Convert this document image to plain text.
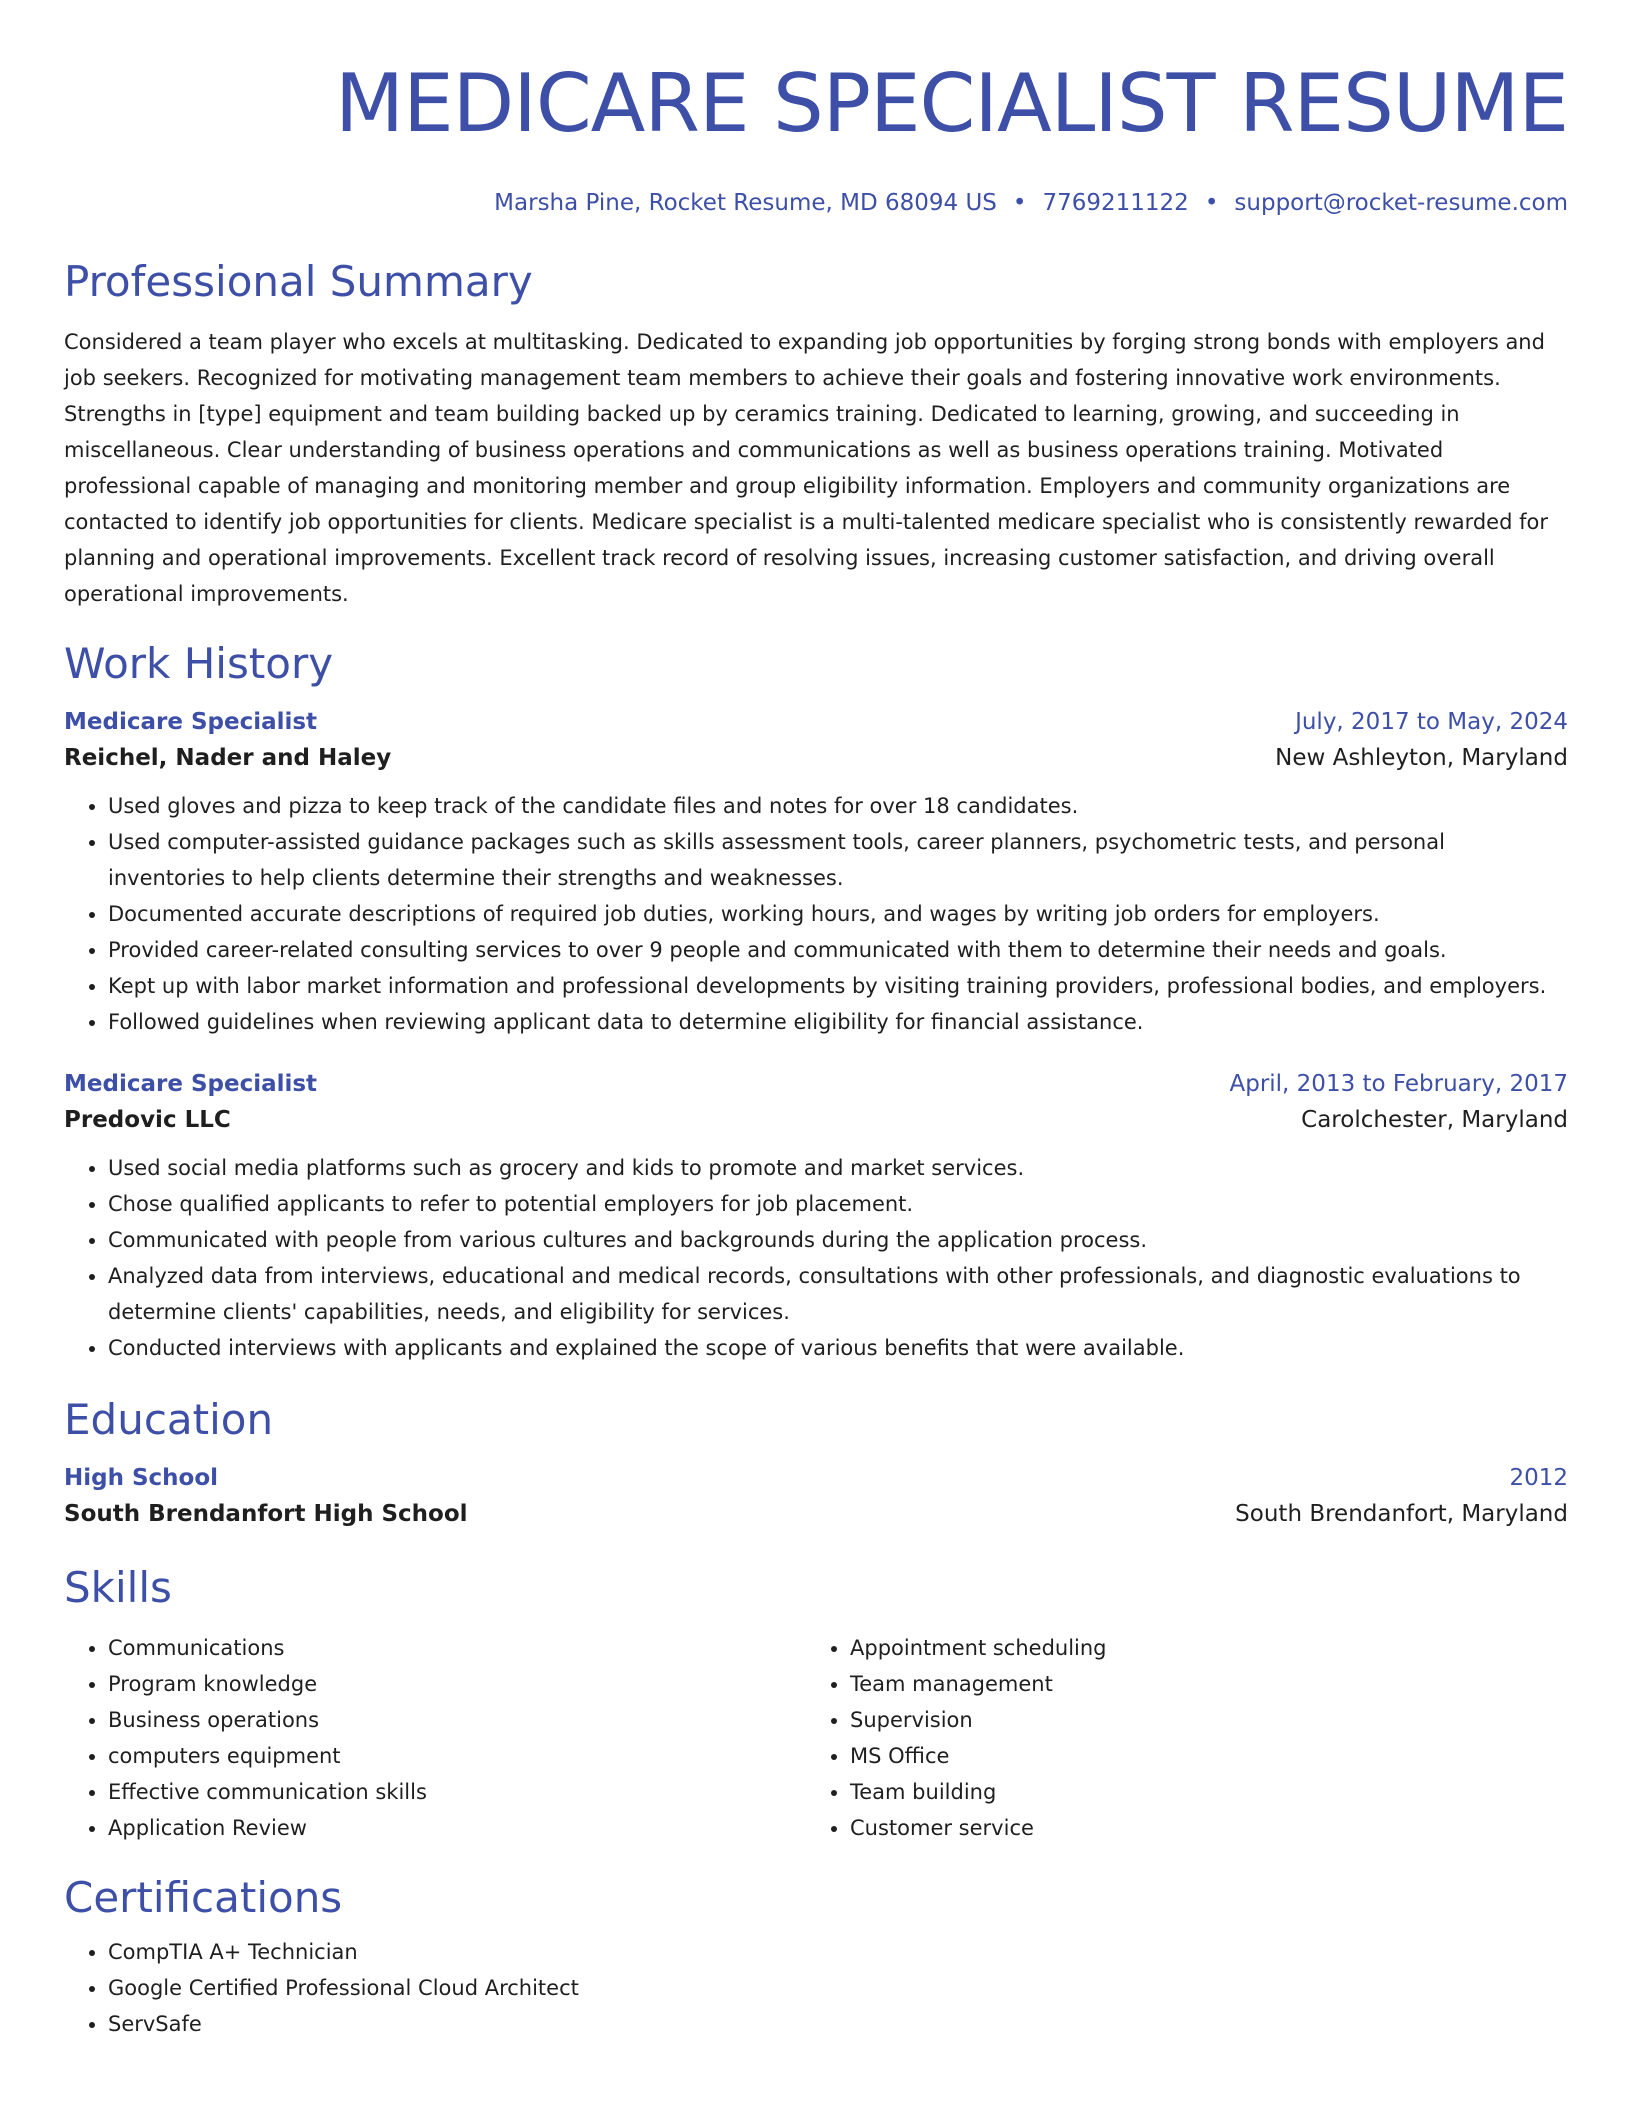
MEDICARE SPECIALIST RESUME
Marsha Pine, Rocket Resume, MD 68094 US • 7769211122 • support@rocket-resume.com
Professional Summary
Considered a team player who excels at multitasking. Dedicated to expanding job opportunities by forging strong bonds with employers and job seekers. Recognized for motivating management team members to achieve their goals and fostering innovative work environments. Strengths in [type] equipment and team building backed up by ceramics training. Dedicated to learning, growing, and succeeding in miscellaneous. Clear understanding of business operations and communications as well as business operations training. Motivated professional capable of managing and monitoring member and group eligibility information. Employers and community organizations are contacted to identify job opportunities for clients. Medicare specialist is a multi-talented medicare specialist who is consistently rewarded for planning and operational improvements. Excellent track record of resolving issues, increasing customer satisfaction, and driving overall operational improvements.
Work History
Medicare Specialist	July, 2017 to May, 2024
Reichel, Nader and Haley	New Ashleyton, Maryland
• Used gloves and pizza to keep track of the candidate files and notes for over 18 candidates.
• Used computer-assisted guidance packages such as skills assessment tools, career planners, psychometric tests, and personal inventories to help clients determine their strengths and weaknesses.
• Documented accurate descriptions of required job duties, working hours, and wages by writing job orders for employers.
• Provided career-related consulting services to over 9 people and communicated with them to determine their needs and goals.
• Kept up with labor market information and professional developments by visiting training providers, professional bodies, and employers.
• Followed guidelines when reviewing applicant data to determine eligibility for financial assistance.
Medicare Specialist	April, 2013 to February, 2017
Predovic LLC	Carolchester, Maryland
• Used social media platforms such as grocery and kids to promote and market services.
• Chose qualified applicants to refer to potential employers for job placement.
• Communicated with people from various cultures and backgrounds during the application process.
• Analyzed data from interviews, educational and medical records, consultations with other professionals, and diagnostic evaluations to determine clients' capabilities, needs, and eligibility for services.
• Conducted interviews with applicants and explained the scope of various benefits that were available.
Education
High School	2012
South Brendanfort High School	South Brendanfort, Maryland
Skills
• Communications
• Program knowledge
• Business operations
• computers equipment
• Effective communication skills
• Application Review
• Appointment scheduling
• Team management
• Supervision
• MS Office
• Team building
• Customer service
Certifications
• CompTIA A+ Technician
• Google Certified Professional Cloud Architect
• ServSafe
